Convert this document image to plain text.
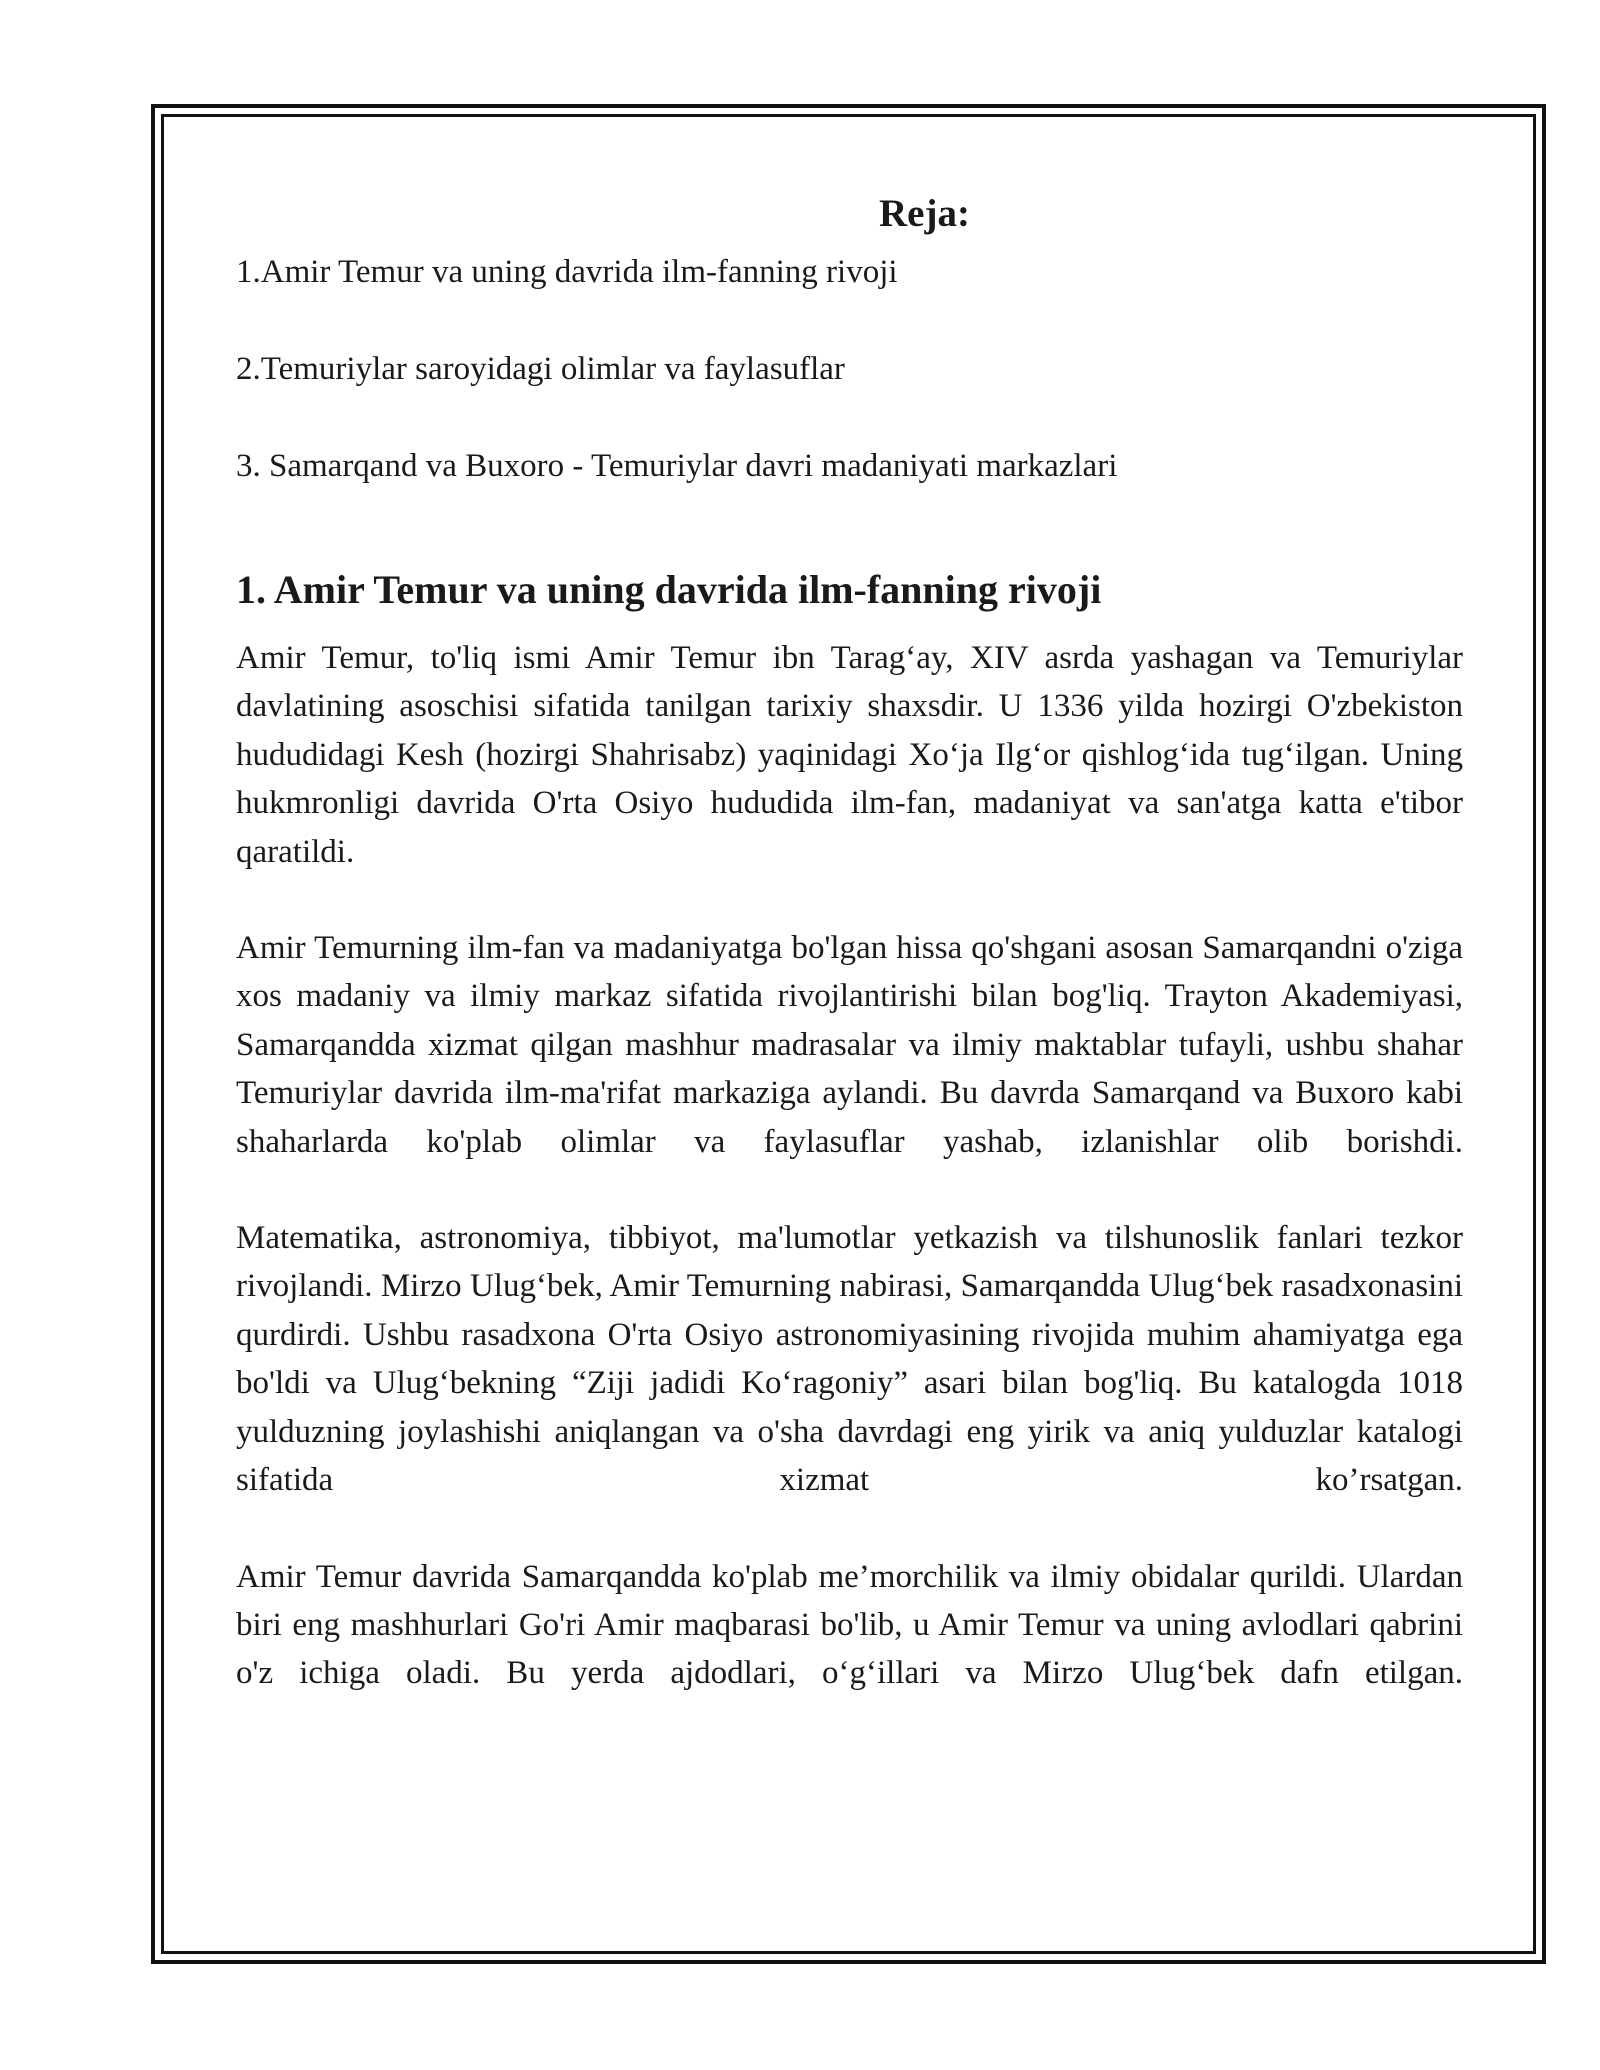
Reja:
1.Amir Temur va uning davrida ilm-fanning rivoji
2.Temuriylar saroyidagi olimlar va faylasuflar
3. Samarqand va Buxoro - Temuriylar davri madaniyati markazlari
1. Amir Temur va uning davrida ilm-fanning rivoji

Amir Temur, to'liq ismi Amir Temur ibn Tarag‘ay, XIV asrda yashagan va Temuriylar davlatining asoschisi sifatida tanilgan tarixiy shaxsdir. U 1336 yilda hozirgi O'zbekiston hududidagi Kesh (hozirgi Shahrisabz) yaqinidagi Xo‘ja Ilg‘or qishlog‘ida tug‘ilgan. Uning hukmronligi davrida O'rta Osiyo hududida ilm-fan, madaniyat va san'atga katta e'tibor qaratildi.

Amir Temurning ilm-fan va madaniyatga bo'lgan hissa qo'shgani asosan Samarqandni o'ziga xos madaniy va ilmiy markaz sifatida rivojlantirishi bilan bog'liq. Trayton Akademiyasi, Samarqandda xizmat qilgan mashhur madrasalar va ilmiy maktablar tufayli, ushbu shahar Temuriylar davrida ilm-ma'rifat markaziga aylandi. Bu davrda Samarqand va Buxoro kabi shaharlarda ko'plab olimlar va faylasuflar yashab, izlanishlar olib borishdi.

Matematika, astronomiya, tibbiyot, ma'lumotlar yetkazish va tilshunoslik fanlari tezkor rivojlandi. Mirzo Ulug‘bek, Amir Temurning nabirasi, Samarqandda Ulug‘bek rasadxonasini qurdirdi. Ushbu rasadxona O'rta Osiyo astronomiyasining rivojida muhim ahamiyatga ega bo'ldi va Ulug‘bekning “Ziji jadidi Ko‘ragoniy” asari bilan bog'liq. Bu katalogda 1018 yulduzning joylashishi aniqlangan va o'sha davrdagi eng yirik va aniq yulduzlar katalogi sifatida xizmat ko’rsatgan.

Amir Temur davrida Samarqandda ko'plab me’morchilik va ilmiy obidalar qurildi. Ulardan biri eng mashhurlari Go'ri Amir maqbarasi bo'lib, u Amir Temur va uning avlodlari qabrini o'z ichiga oladi. Bu yerda ajdodlari, o‘g‘illari va Mirzo Ulug‘bek dafn etilgan.
